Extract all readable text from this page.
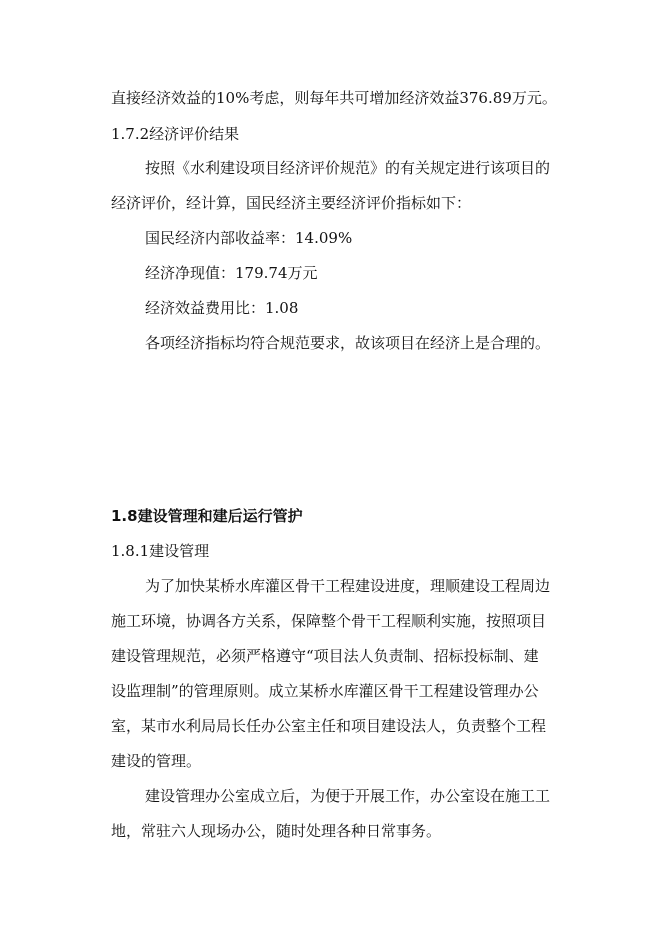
直接经济效益的10%考虑，则每年共可增加经济效益376.89万元。
1.7.2经济评价结果
按照《水利建设项目经济评价规范》的有关规定进行该项目的
经济评价，经计算，国民经济主要经济评价指标如下：
国民经济内部收益率：14.09%
经济净现值：179.74万元
经济效益费用比：1.08
各项经济指标均符合规范要求，故该项目在经济上是合理的。
1.8建设管理和建后运行管护
1.8.1建设管理
为了加快某桥水库灌区骨干工程建设进度，理顺建设工程周边
施工环境，协调各方关系，保障整个骨干工程顺利实施，按照项目
建设管理规范，必须严格遵守“项目法人负责制、招标投标制、建
设监理制”的管理原则。成立某桥水库灌区骨干工程建设管理办公
室，某市水利局局长任办公室主任和项目建设法人，负责整个工程
建设的管理。
建设管理办公室成立后，为便于开展工作，办公室设在施工工
地，常驻六人现场办公，随时处理各种日常事务。
